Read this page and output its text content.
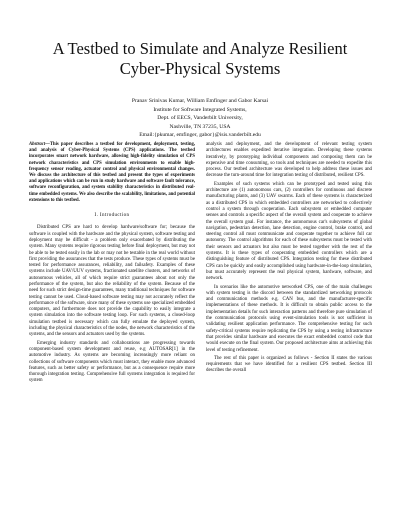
A Testbed to Simulate and Analyze Resilient
Cyber-Physical Systems
Pranav Srinivas Kumar, William Emfinger and Gabor Karsai
Institute for Software Integrated Systems,
Dept. of EECS, Vanderbilt University,
Nashville, TN 37235, USA
Email:{pkumar, emfinger, gabor}@isis.vanderbilt.edu
Abstract—This paper describes a testbed for development, deployment, testing, and analysis of Cyber-Physical Systems (CPS) applications. The testbed incorporates smart network hardware, allowing high-fidelity simulation of CPS network characteristics and CPS simulation environments to enable high-frequency sensor reading, actuator control and physical environmental changes. We discuss the architecture of this testbed and present the types of experiments and applications which can be run in study hardware and software fault tolerance, software reconfiguration, and system stability characteristics in distributed real-time embedded systems. We also describe the scalability, limitations, and potential extensions to this testbed.
I. Introduction

Distributed CPS are hard to develop hardware/software for; because the software is coupled with the hardware and the physical system, software testing and deployment may be difficult - a problem only exacerbated by distributing the system. Many systems require rigorous testing before final deployment, but may not be able to be tested easily in the lab or may not be testable in the real world without first providing the assurances that the tests produce. These types of systems must be tested for performance assurances, reliability, and failsafety. Examples of these systems include UAV/UUV systems, fractionated satellite clusters, and networks of autonomous vehicles, all of which require strict guarantees about not only the performance of the system, but also the reliability of the system. Because of the need for such strict design-time guarantees, many traditional techniques for software testing cannot be used. Cloud-based software testing may not accurately reflect the performance of the software, since many of these systems use specialized embedded computers, and furthermore does not provide the capability to easily integrate a system simulation into the software testing loop. For such systems, a closed-loop simulation testbed is necessary which can fully emulate the deployed system, including the physical characteristics of the nodes, the network characteristics of the systems, and the sensors and actuators used by the systems.

Emerging industry standards and collaborations are progressing towards component-based system development and reuse, e.g AUTOSAR[1] in the automotive industry. As systems are becoming increasingly more reliant on collections of software components which must interact, they enable more advanced features, such as better safety or performance, but as a consequence require more thorough integration testing. Comprehensive full systems integration is required for system

analysis and deployment, and the development of relevant testing system architectures enables expedited iterative integration. Developing these systems iteratively, by prototyping individual components and composing them can be expensive and time consuming, so tools and techniques are needed to expedite this process. Our testbed architecture was developed to help address these issues and decrease the turn-around time for integration testing of distributed, resilient CPS.

Examples of such systems which can be prototyped and tested using this architecture are (1) autonomous cars, (2) controllers for continuous and discrete manufacturing plants, and (3) UAV swarms. Each of these systems is characterized as a distributed CPS in which embedded controllers are networked to collectively control a system through cooperation. Each subsystem or embedded computer senses and controls a specific aspect of the overall system and cooperate to achieve the overall system goal. For instance, the autonomous car's subsystems of global navigation, pedestrian detection, lane detection, engine control, brake control, and steering control all must communicate and cooperate together to achieve full car autonomy. The control algorithms for each of these subsystems must be tested with their sensors and actuators but also must be tested together with the rest of the systems. It is these types of cooperating embedded controllers which are a distinguishing feature of distributed CPS. Integration testing for these distributed CPS can be quickly and easily accomplished using hardware-in-the-loop simulation, but must accurately represent the real physical system, hardware, software, and network.

In scenarios like the automotive networked CPS, one of the main challenges with system testing is the discord between the standardized networking protocols and communication methods e.g. CAN bus, and the manufacturer-specific implementations of these methods. It is difficult to obtain public access to the implementation details for such interaction patterns and therefore pure simulation of the communication protocols using event-simulation tools is not sufficient in validating resilient application performance. The comprehensive testing for such safety-critical systems require replicating the CPS by using a testing infrastructure that provides similar hardware and executes the exact embedded control code that would execute on the final system. Our proposed architecture aims at achieving this level of testing refinement.

The rest of this paper is organized as follows - Section II states the various requirements that we have identified for a resilient CPS testbed. Section III describes the overall
